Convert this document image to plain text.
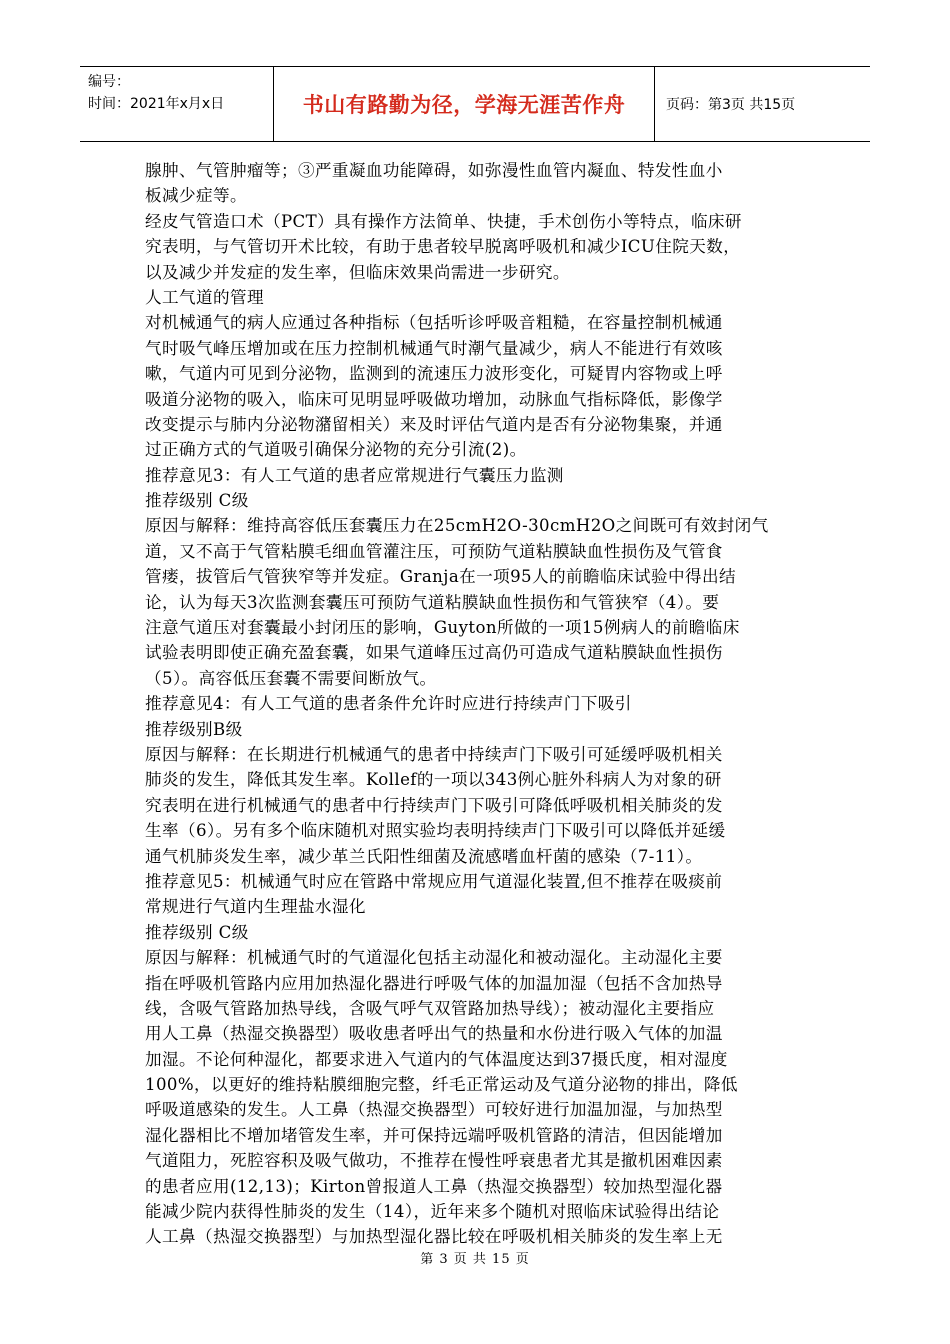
编号：
时间：2021年x月x日	书山有路勤为径，学海无涯苦作舟	页码：第3页 共15页
腺肿、气管肿瘤等；③严重凝血功能障碍，如弥漫性血管内凝血、特发性血小
板减少症等。
经皮气管造口术（PCT）具有操作方法简单、快捷，手术创伤小等特点，临床研
究表明，与气管切开术比较，有助于患者较早脱离呼吸机和减少ICU住院天数，
以及减少并发症的发生率，但临床效果尚需进一步研究。
人工气道的管理
对机械通气的病人应通过各种指标（包括听诊呼吸音粗糙，在容量控制机械通
气时吸气峰压增加或在压力控制机械通气时潮气量减少，病人不能进行有效咳
嗽，气道内可见到分泌物，监测到的流速压力波形变化，可疑胃内容物或上呼
吸道分泌物的吸入，临床可见明显呼吸做功增加，动脉血气指标降低，影像学
改变提示与肺内分泌物潴留相关）来及时评估气道内是否有分泌物集聚，并通
过正确方式的气道吸引确保分泌物的充分引流(2)。
推荐意见3：有人工气道的患者应常规进行气囊压力监测
推荐级别 C级
原因与解释：维持高容低压套囊压力在25cmH2O-30cmH2O之间既可有效封闭气
道，又不高于气管粘膜毛细血管灌注压，可预防气道粘膜缺血性损伤及气管食
管瘘，拔管后气管狭窄等并发症。Granja在一项95人的前瞻临床试验中得出结
论，认为每天3次监测套囊压可预防气道粘膜缺血性损伤和气管狭窄（4）。要
注意气道压对套囊最小封闭压的影响，Guyton所做的一项15例病人的前瞻临床
试验表明即使正确充盈套囊，如果气道峰压过高仍可造成气道粘膜缺血性损伤
（5）。高容低压套囊不需要间断放气。
推荐意见4：有人工气道的患者条件允许时应进行持续声门下吸引
推荐级别B级
原因与解释：在长期进行机械通气的患者中持续声门下吸引可延缓呼吸机相关
肺炎的发生，降低其发生率。Kollef的一项以343例心脏外科病人为对象的研
究表明在进行机械通气的患者中行持续声门下吸引可降低呼吸机相关肺炎的发
生率（6）。另有多个临床随机对照实验均表明持续声门下吸引可以降低并延缓
通气机肺炎发生率，减少革兰氏阳性细菌及流感嗜血杆菌的感染（7-11）。
推荐意见5：机械通气时应在管路中常规应用气道湿化装置,但不推荐在吸痰前
常规进行气道内生理盐水湿化
推荐级别 C级
原因与解释：机械通气时的气道湿化包括主动湿化和被动湿化。主动湿化主要
指在呼吸机管路内应用加热湿化器进行呼吸气体的加温加湿（包括不含加热导
线，含吸气管路加热导线，含吸气呼气双管路加热导线）；被动湿化主要指应
用人工鼻（热湿交换器型）吸收患者呼出气的热量和水份进行吸入气体的加温
加湿。不论何种湿化，都要求进入气道内的气体温度达到37摄氏度，相对湿度
100%，以更好的维持粘膜细胞完整，纤毛正常运动及气道分泌物的排出，降低
呼吸道感染的发生。人工鼻（热湿交换器型）可较好进行加温加湿，与加热型
湿化器相比不增加堵管发生率，并可保持远端呼吸机管路的清洁，但因能增加
气道阻力，死腔容积及吸气做功，不推荐在慢性呼衰患者尤其是撤机困难因素
的患者应用(12,13)；Kirton曾报道人工鼻（热湿交换器型）较加热型湿化器
能减少院内获得性肺炎的发生（14），近年来多个随机对照临床试验得出结论
人工鼻（热湿交换器型）与加热型湿化器比较在呼吸机相关肺炎的发生率上无
第 3 页 共 15 页
